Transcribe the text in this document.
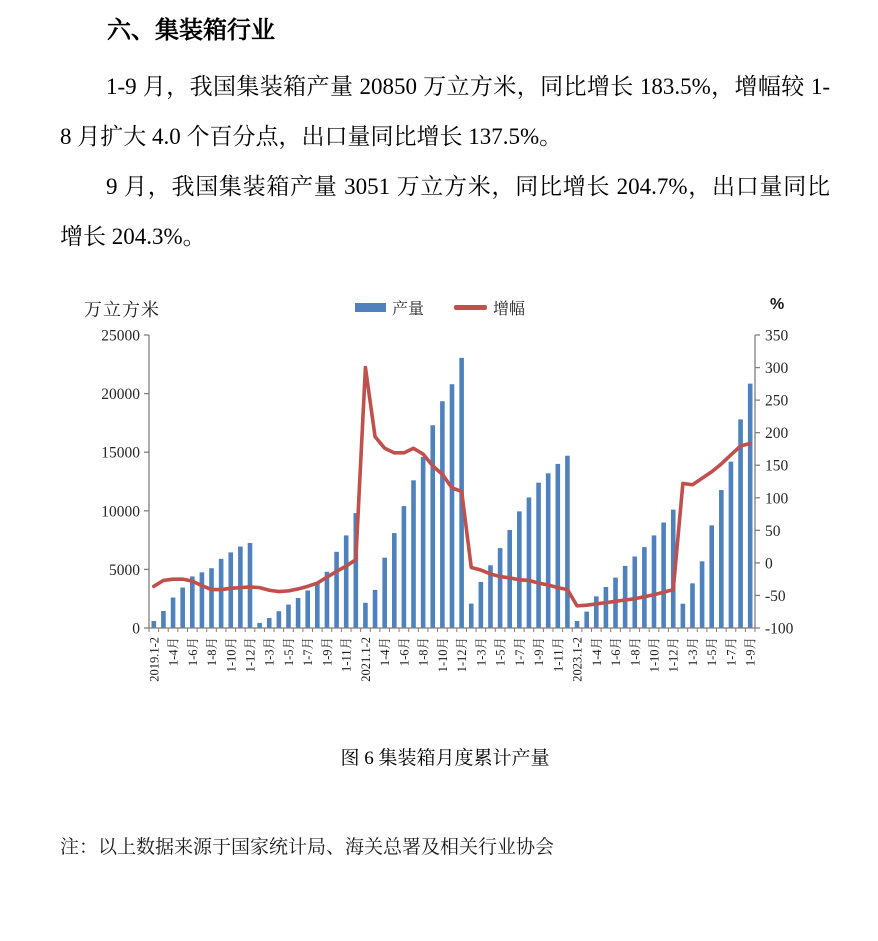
六、集装箱行业

1-9 月，我国集装箱产量 20850 万立方米，同比增长 183.5%，增幅较 1-8 月扩大 4.0 个百分点，出口量同比增长 137.5%。

9 月，我国集装箱产量 3051 万立方米，同比增长 204.7%，出口量同比增长 204.3%。

万立方米	%
产量	增幅
0
5000
10000
15000
20000
25000
-100
-50
0
50
100
150
200
250
300
350
2019.1-2 1-4月 1-6月 1-8月 1-10月 1-12月 1-3月 1-5月 1-7月 1-9月 1-11月 2021.1-2 1-4月 1-6月 1-8月 1-10月 1-12月 1-3月 1-5月 1-7月 1-9月 1-11月 2023.1-2 1-4月 1-6月 1-8月 1-10月 1-12月 1-3月 1-5月 1-7月 1-9月
图 6 集装箱月度累计产量
注：以上数据来源于国家统计局、海关总署及相关行业协会
